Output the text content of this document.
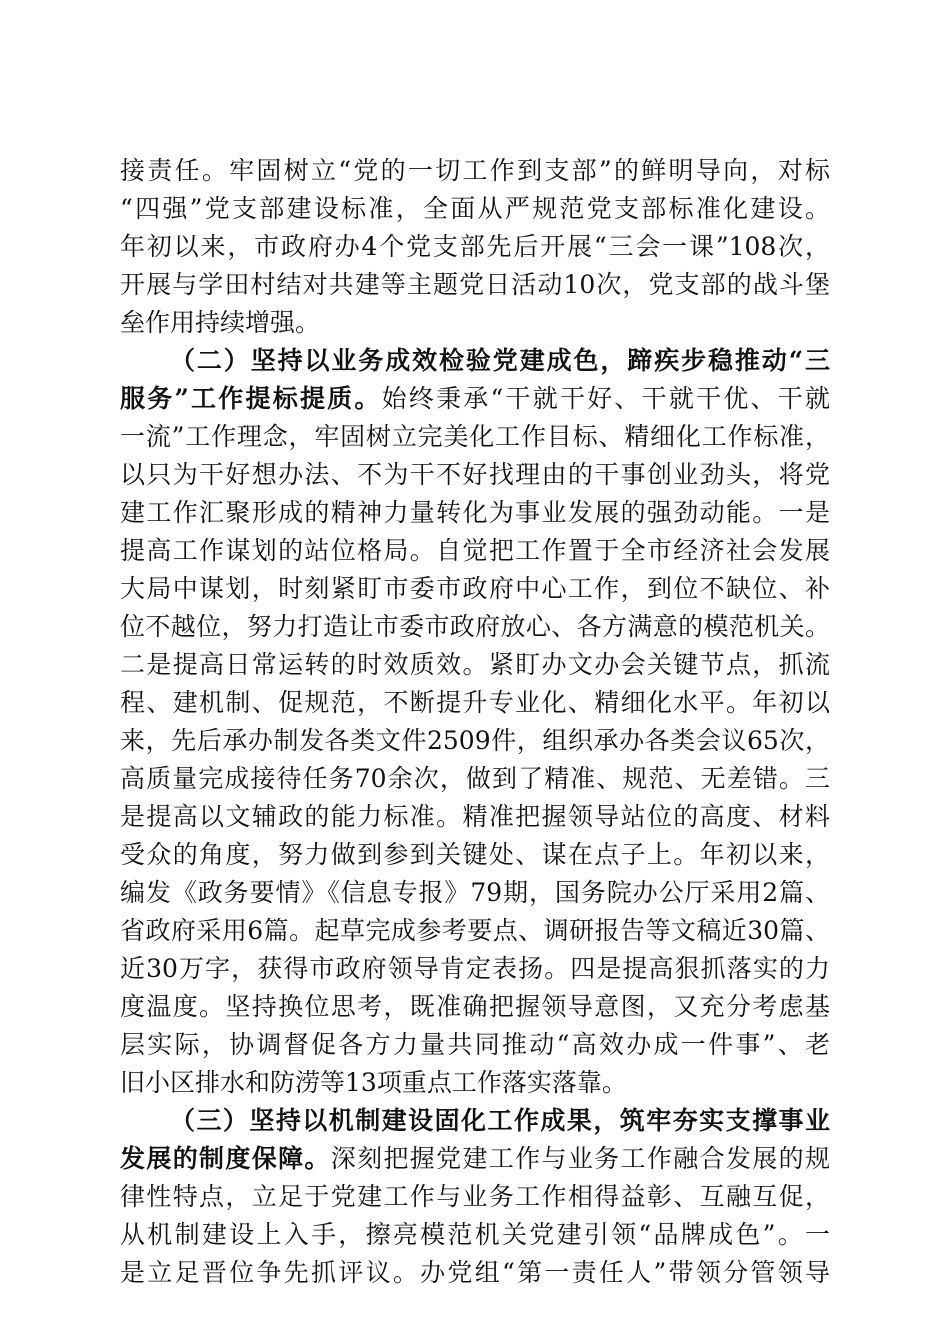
接责任。牢固树立“党的一切工作到支部”的鲜明导向，对标
“四强”党支部建设标准，全面从严规范党支部标准化建设。
年初以来，市政府办4个党支部先后开展“三会一课”108次，
开展与学田村结对共建等主题党日活动10次，党支部的战斗堡
垒作用持续增强。
（二）坚持以业务成效检验党建成色，蹄疾步稳推动“三
服务”工作提标提质。始终秉承“干就干好、干就干优、干就
一流”工作理念，牢固树立完美化工作目标、精细化工作标准，
以只为干好想办法、不为干不好找理由的干事创业劲头，将党
建工作汇聚形成的精神力量转化为事业发展的强劲动能。一是
提高工作谋划的站位格局。自觉把工作置于全市经济社会发展
大局中谋划，时刻紧盯市委市政府中心工作，到位不缺位、补
位不越位，努力打造让市委市政府放心、各方满意的模范机关。
二是提高日常运转的时效质效。紧盯办文办会关键节点，抓流
程、建机制、促规范，不断提升专业化、精细化水平。年初以
来，先后承办制发各类文件2509件，组织承办各类会议65次，
高质量完成接待任务70余次，做到了精准、规范、无差错。三
是提高以文辅政的能力标准。精准把握领导站位的高度、材料
受众的角度，努力做到参到关键处、谋在点子上。年初以来，
编发《政务要情》《信息专报》79期，国务院办公厅采用2篇、
省政府采用6篇。起草完成参考要点、调研报告等文稿近30篇、
近30万字，获得市政府领导肯定表扬。四是提高狠抓落实的力
度温度。坚持换位思考，既准确把握领导意图，又充分考虑基
层实际，协调督促各方力量共同推动“高效办成一件事”、老
旧小区排水和防涝等13项重点工作落实落靠。
（三）坚持以机制建设固化工作成果，筑牢夯实支撑事业
发展的制度保障。深刻把握党建工作与业务工作融合发展的规
律性特点，立足于党建工作与业务工作相得益彰、互融互促，
从机制建设上入手，擦亮模范机关党建引领“品牌成色”。一
是立足晋位争先抓评议。办党组“第一责任人”带领分管领导
